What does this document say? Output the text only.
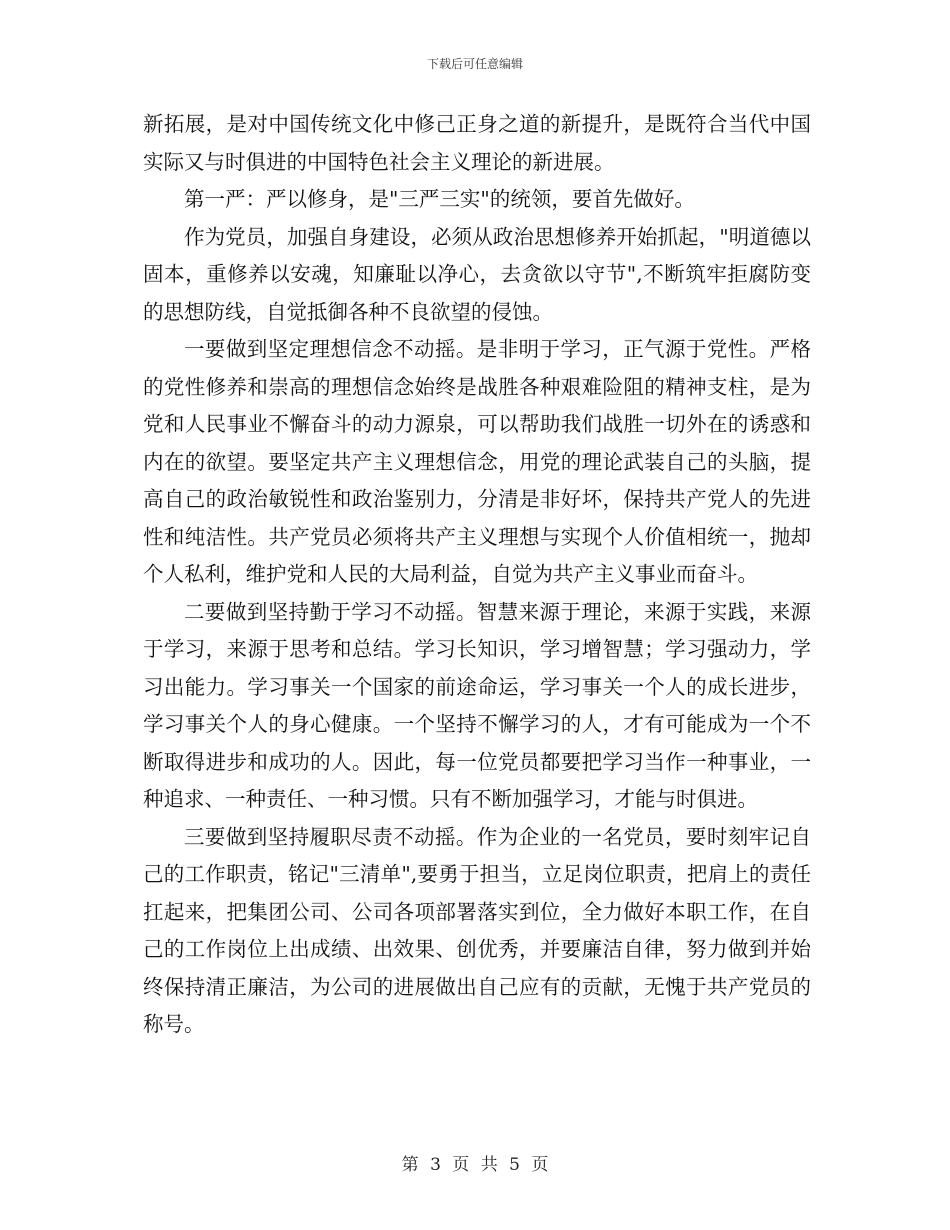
下载后可任意编辑

新拓展，是对中国传统文化中修己正身之道的新提升，是既符合当代中国实际又与时俱进的中国特色社会主义理论的新进展。

第一严：严以修身，是"三严三实"的统领，要首先做好。

作为党员，加强自身建设，必须从政治思想修养开始抓起，"明道德以固本，重修养以安魂，知廉耻以净心，去贪欲以守节",不断筑牢拒腐防变的思想防线，自觉抵御各种不良欲望的侵蚀。

一要做到坚定理想信念不动摇。是非明于学习，正气源于党性。严格的党性修养和崇高的理想信念始终是战胜各种艰难险阻的精神支柱，是为党和人民事业不懈奋斗的动力源泉，可以帮助我们战胜一切外在的诱惑和内在的欲望。要坚定共产主义理想信念，用党的理论武装自己的头脑，提高自己的政治敏锐性和政治鉴别力，分清是非好坏，保持共产党人的先进性和纯洁性。共产党员必须将共产主义理想与实现个人价值相统一，抛却个人私利，维护党和人民的大局利益，自觉为共产主义事业而奋斗。

二要做到坚持勤于学习不动摇。智慧来源于理论，来源于实践，来源于学习，来源于思考和总结。学习长知识，学习增智慧；学习强动力，学习出能力。学习事关一个国家的前途命运，学习事关一个人的成长进步，学习事关个人的身心健康。一个坚持不懈学习的人，才有可能成为一个不断取得进步和成功的人。因此，每一位党员都要把学习当作一种事业，一种追求、一种责任、一种习惯。只有不断加强学习，才能与时俱进。

三要做到坚持履职尽责不动摇。作为企业的一名党员，要时刻牢记自己的工作职责，铭记"三清单",要勇于担当，立足岗位职责，把肩上的责任扛起来，把集团公司、公司各项部署落实到位，全力做好本职工作，在自己的工作岗位上出成绩、出效果、创优秀，并要廉洁自律，努力做到并始终保持清正廉洁，为公司的进展做出自己应有的贡献，无愧于共产党员的称号。

第 3 页 共 5 页
